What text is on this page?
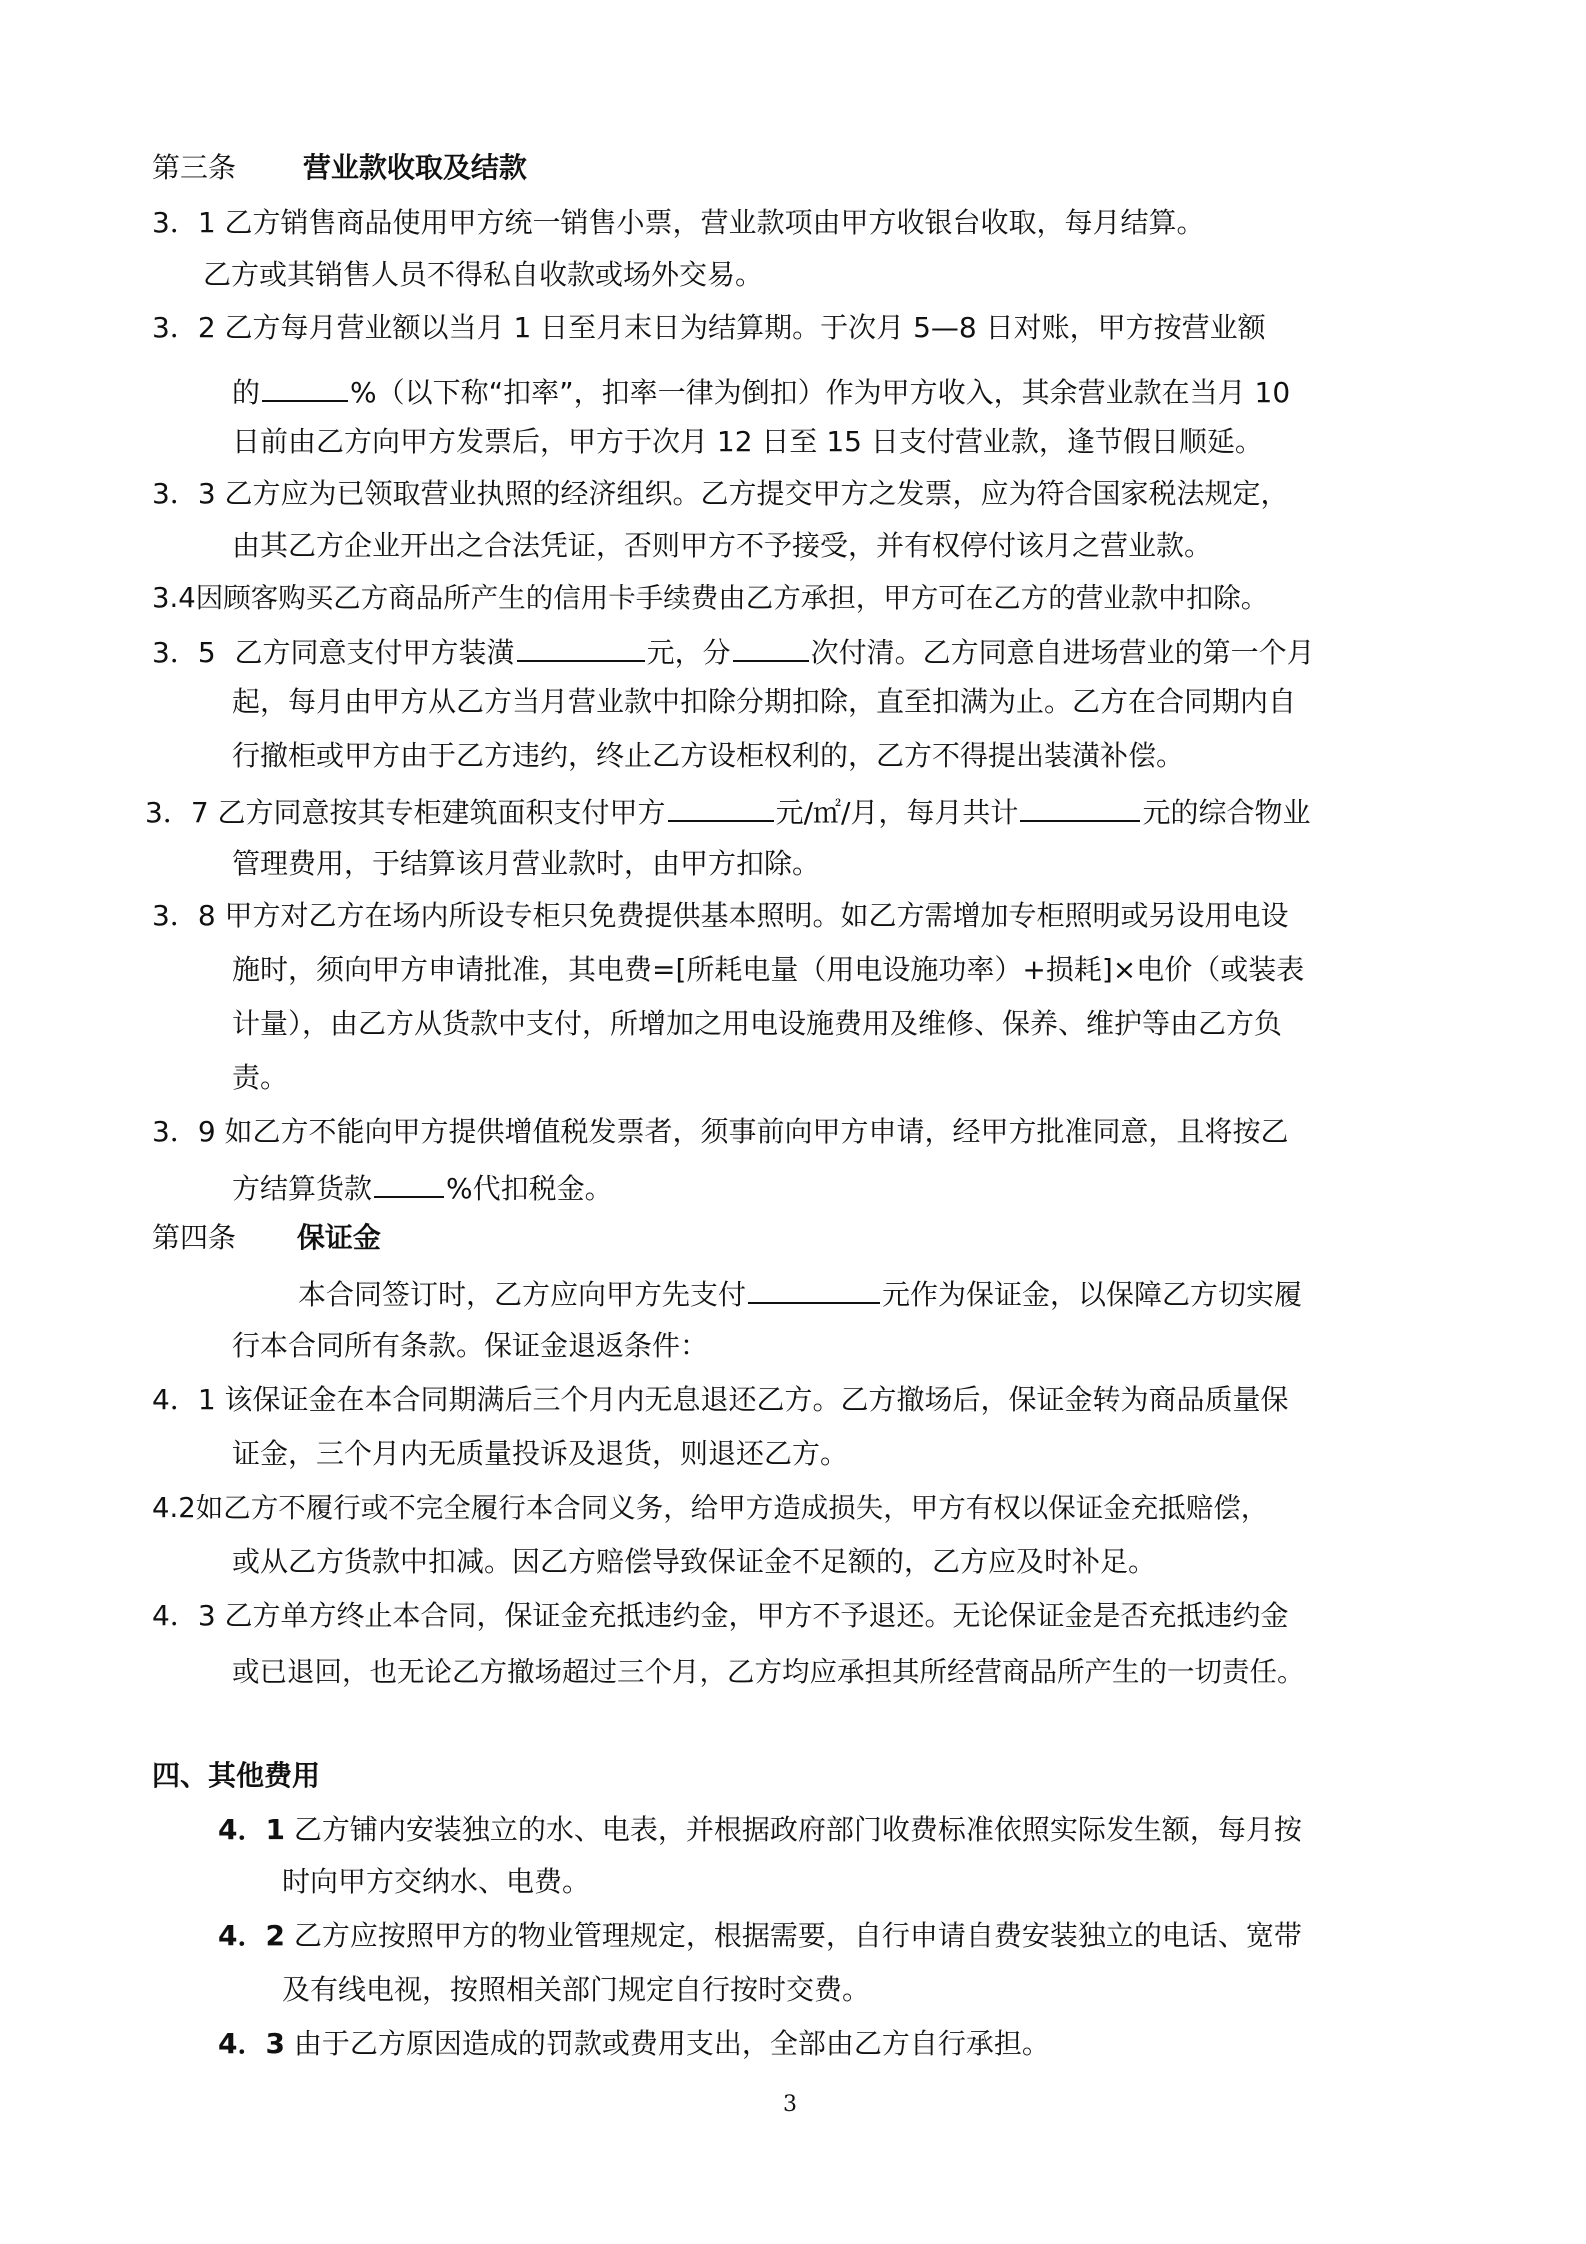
第三条 营业款收取及结款
3．1 乙方销售商品使用甲方统一销售小票，营业款项由甲方收银台收取，每月结算。
乙方或其销售人员不得私自收款或场外交易。
3．2 乙方每月营业额以当月 1 日至月末日为结算期。于次月 5—8 日对账，甲方按营业额
的	%（以下称“扣率”，扣率一律为倒扣）作为甲方收入，其余营业款在当月 10
日前由乙方向甲方发票后，甲方于次月 12 日至 15 日支付营业款，逢节假日顺延。
3．3 乙方应为已领取营业执照的经济组织。乙方提交甲方之发票，应为符合国家税法规定，
由其乙方企业开出之合法凭证，否则甲方不予接受，并有权停付该月之营业款。
3.4因顾客购买乙方商品所产生的信用卡手续费由乙方承担，甲方可在乙方的营业款中扣除。
3．5 乙方同意支付甲方装潢	元，分	次付清。乙方同意自进场营业的第一个月
起，每月由甲方从乙方当月营业款中扣除分期扣除，直至扣满为止。乙方在合同期内自
行撤柜或甲方由于乙方违约，终止乙方设柜权利的，乙方不得提出装潢补偿。
3．7 乙方同意按其专柜建筑面积支付甲方	元/㎡/月，每月共计	元的综合物业
管理费用，于结算该月营业款时，由甲方扣除。
3．8 甲方对乙方在场内所设专柜只免费提供基本照明。如乙方需增加专柜照明或另设用电设
施时，须向甲方申请批准，其电费=[所耗电量（用电设施功率）+损耗]×电价（或装表
计量），由乙方从货款中支付，所增加之用电设施费用及维修、保养、维护等由乙方负
责。
3．9 如乙方不能向甲方提供增值税发票者，须事前向甲方申请，经甲方批准同意，且将按乙
方结算货款	%代扣税金。
第四条 保证金
本合同签订时，乙方应向甲方先支付	元作为保证金，以保障乙方切实履
行本合同所有条款。保证金退返条件：
4．1 该保证金在本合同期满后三个月内无息退还乙方。乙方撤场后，保证金转为商品质量保
证金，三个月内无质量投诉及退货，则退还乙方。
4.2如乙方不履行或不完全履行本合同义务，给甲方造成损失，甲方有权以保证金充抵赔偿，
或从乙方货款中扣减。因乙方赔偿导致保证金不足额的，乙方应及时补足。
4．3 乙方单方终止本合同，保证金充抵违约金，甲方不予退还。无论保证金是否充抵违约金
或已退回，也无论乙方撤场超过三个月，乙方均应承担其所经营商品所产生的一切责任。
四、其他费用
4．1 乙方铺内安装独立的水、电表，并根据政府部门收费标准依照实际发生额，每月按
时向甲方交纳水、电费。
4．2 乙方应按照甲方的物业管理规定，根据需要，自行申请自费安装独立的电话、宽带
及有线电视，按照相关部门规定自行按时交费。
4．3 由于乙方原因造成的罚款或费用支出，全部由乙方自行承担。
3
